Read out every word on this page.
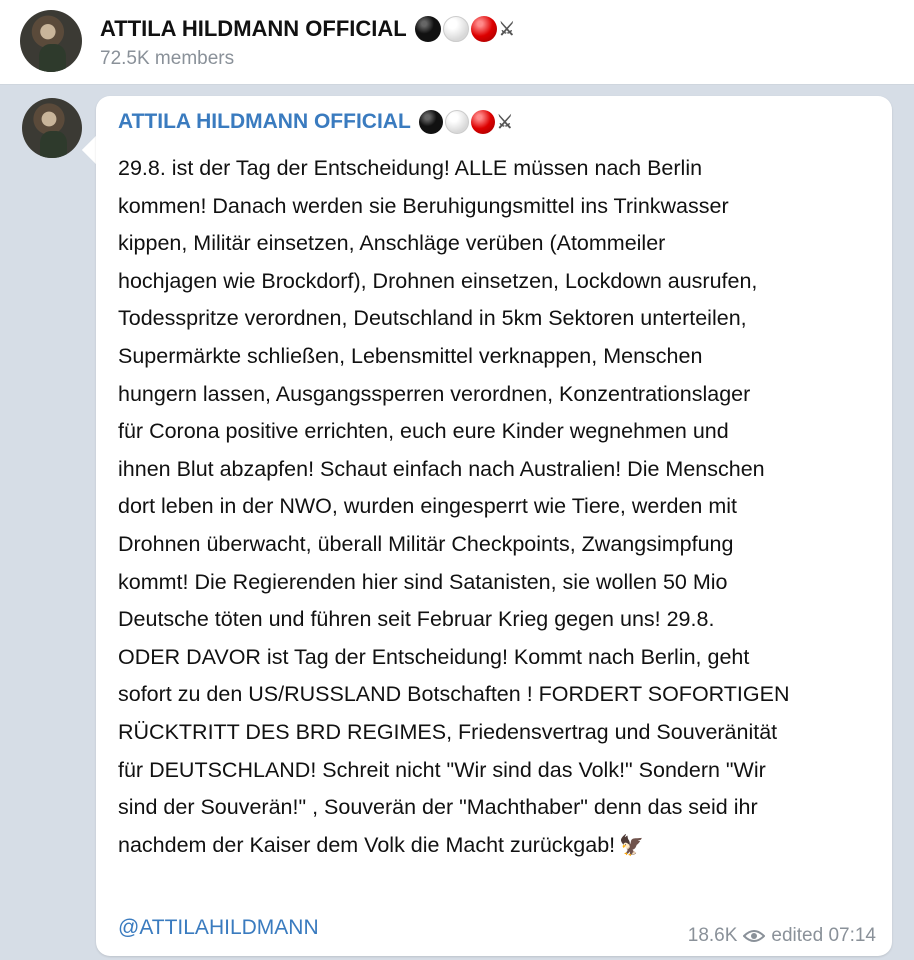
ATTILA HILDMANN OFFICIAL	⚔
72.5K members
ATTILA HILDMANN OFFICIAL	⚔

29.8. ist der Tag der Entscheidung! ALLE müssen nach Berlin
kommen! Danach werden sie Beruhigungsmittel ins Trinkwasser
kippen, Militär einsetzen, Anschläge verüben (Atommeiler
hochjagen wie Brockdorf), Drohnen einsetzen, Lockdown ausrufen,
Todesspritze verordnen, Deutschland in 5km Sektoren unterteilen,
Supermärkte schließen, Lebensmittel verknappen, Menschen
hungern lassen, Ausgangssperren verordnen, Konzentrationslager
für Corona positive errichten, euch eure Kinder wegnehmen und
ihnen Blut abzapfen! Schaut einfach nach Australien! Die Menschen
dort leben in der NWO, wurden eingesperrt wie Tiere, werden mit
Drohnen überwacht, überall Militär Checkpoints, Zwangsimpfung
kommt! Die Regierenden hier sind Satanisten, sie wollen 50 Mio
Deutsche töten und führen seit Februar Krieg gegen uns! 29.8.
ODER DAVOR ist Tag der Entscheidung! Kommt nach Berlin, geht
sofort zu den US/RUSSLAND Botschaften ! FORDERT SOFORTIGEN
RÜCKTRITT DES BRD REGIMES, Friedensvertrag und Souveränität
für DEUTSCHLAND! Schreit nicht "Wir sind das Volk!" Sondern "Wir
sind der Souverän!" , Souverän der "Machthaber" denn das seid ihr
nachdem der Kaiser dem Volk die Macht zurückgab! 🦅

@ATTILAHILDMANN	18.6K edited 07:14
